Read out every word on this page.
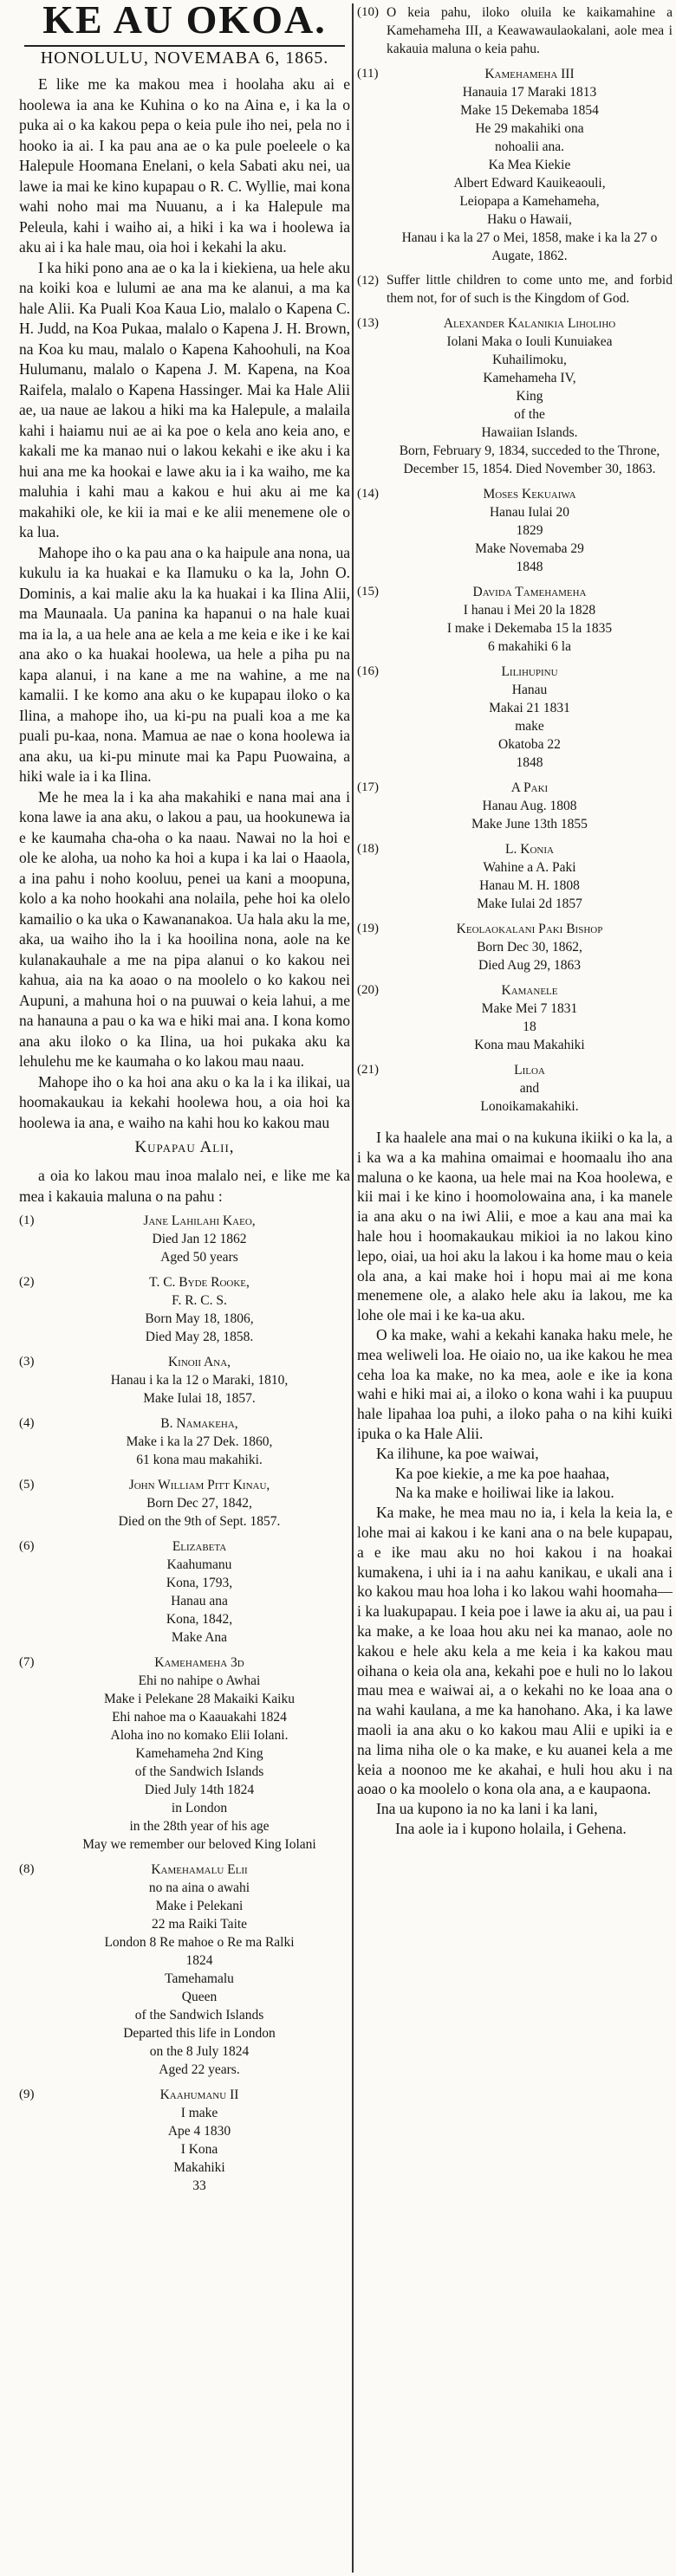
KE AU OKOA.
HONOLULU, NOVEMABA 6, 1865.

E like me ka makou mea i hoolaha aku ai e hoolewa ia ana ke Kuhina o ko na Aina e, i ka la o puka ai o ka kakou pepa o keia pule iho nei, pela no i hooko ia ai. I ka pau ana ae o ka pule poeleele o ka Halepule Hoomana Enelani, o kela Sabati aku nei, ua lawe ia mai ke kino kupapau o R. C. Wyllie, mai kona wahi noho mai ma Nuuanu, a i ka Halepule ma Peleula, kahi i waiho ai, a hiki i ka wa i hoolewa ia aku ai i ka hale mau, oia hoi i kekahi la aku.

I ka hiki pono ana ae o ka la i kiekiena, ua hele aku na koiki koa e lulumi ae ana ma ke alanui, a ma ka hale Alii. Ka Puali Koa Kaua Lio, malalo o Kapena C. H. Judd, na Koa Pukaa, malalo o Kapena J. H. Brown, na Koa ku mau, malalo o Kapena Kahoohuli, na Koa Hulumanu, malalo o Kapena J. M. Kapena, na Koa Raifela, malalo o Kapena Hassinger. Mai ka Hale Alii ae, ua naue ae lakou a hiki ma ka Halepule, a malaila kahi i haiamu nui ae ai ka poe o kela ano keia ano, e kakali me ka manao nui o lakou kekahi e ike aku i ka hui ana me ka hookai e lawe aku ia i ka waiho, me ka maluhia i kahi mau a kakou e hui aku ai me ka makahiki ole, ke kii ia mai e ke alii menemene ole o ka lua.

Mahope iho o ka pau ana o ka haipule ana nona, ua kukulu ia ka huakai e ka Ilamuku o ka la, John O. Dominis, a kai malie aku la ka huakai i ka Ilina Alii, ma Maunaala. Ua panina ka hapanui o na hale kuai ma ia la, a ua hele ana ae kela a me keia e ike i ke kai ana ako o ka huakai hoolewa, ua hele a piha pu na kapa alanui, i na kane a me na wahine, a me na kamalii. I ke komo ana aku o ke kupapau iloko o ka Ilina, a mahope iho, ua ki-pu na puali koa a me ka puali pu-kaa, nona. Mamua ae nae o kona hoolewa ia ana aku, ua ki-pu minute mai ka Papu Puowaina, a hiki wale ia i ka Ilina.

Me he mea la i ka aha makahiki e nana mai ana i kona lawe ia ana aku, o lakou a pau, ua hookunewa ia e ke kaumaha cha-oha o ka naau. Nawai no la hoi e ole ke aloha, ua noho ka hoi a kupa i ka lai o Haaola, a ina pahu i noho kooluu, penei ua kani a moopuna, kolo a ka noho hookahi ana nolaila, pehe hoi ka olelo kamailio o ka uka o Kawananakoa. Ua hala aku la me, aka, ua waiho iho la i ka hooilina nona, aole na ke kulanakauhale a me na pipa alanui o ko kakou nei kahua, aia na ka aoao o na moolelo o ko kakou nei Aupuni, a mahuna hoi o na puuwai o keia lahui, a me na hanauna a pau o ka wa e hiki mai ana. I kona komo ana aku iloko o ka Ilina, ua hoi pukaka aku ka lehulehu me ke kaumaha o ko lakou mau naau.

Mahope iho o ka hoi ana aku o ka la i ka ilikai, ua hoomakaukau ia kekahi hoolewa hou, a oia hoi ka hoolewa ia ana, e waiho na kahi hou ko kakou mau

Kupapau Alii,

a oia ko lakou mau inoa malalo nei, e like me ka mea i kakauia maluna o na pahu :

(1)	Jane Lahilahi Kaeo,
Died Jan 12 1862
Aged 50 years
(2)	T. C. Byde Rooke,
F. R. C. S.
Born May 18, 1806,
Died May 28, 1858.
(3)	Kinoii Ana,
Hanau i ka la 12 o Maraki, 1810,
Make Iulai 18, 1857.
(4)	B. Namakeha,
Make i ka la 27 Dek. 1860,
61 kona mau makahiki.
(5)	John William Pitt Kinau,
Born Dec 27, 1842,
Died on the 9th of Sept. 1857.
(6)	Elizabeta
Kaahumanu
Kona, 1793,
Hanau ana
Kona, 1842,
Make Ana
(7)	Kamehameha 3d
Ehi no nahipe o Awhai
Make i Pelekane 28 Makaiki Kaiku
Ehi nahoe ma o Kaauakahi 1824
Aloha ino no komako Elii Iolani.
Kamehameha 2nd King
of the Sandwich Islands
Died July 14th 1824
in London
in the 28th year of his age
May we remember our beloved King Iolani
(8)	Kamehamalu Elii
no na aina o awahi
Make i Pelekani
22 ma Raiki Taite
London 8 Re mahoe o Re ma Ralki
1824
Tamehamalu
Queen
of the Sandwich Islands
Departed this life in London
on the 8 July 1824
Aged 22 years.
(9)	Kaahumanu II
I make
Ape 4 1830
I Kona
Makahiki
33
(10) O keia pahu, iloko oluila ke kaikamahine a Kamehameha III, a Keawawaulaokalani, aole mea i kakauia maluna o keia pahu.
(11)	Kamehameha III
Hanauia 17 Maraki 1813
Make 15 Dekemaba 1854
He 29 makahiki ona
nohoalii ana.
Ka Mea Kiekie
Albert Edward Kauikeaouli,
Leiopapa a Kamehameha,
Haku o Hawaii,
Hanau i ka la 27 o Mei, 1858, make i ka la 27 o
Augate, 1862.
(12) Suffer little children to come unto me, and forbid them not, for of such is the Kingdom of God.

(13)	Alexander Kalanikia Liholiho
Iolani Maka o Iouli Kunuiakea
Kuhailimoku,
Kamehameha IV,
King
of the
Hawaiian Islands.
Born, February 9, 1834, succeded to the Throne,
December 15, 1854. Died November 30, 1863.
(14)	Moses Kekuaiwa
Hanau Iulai 20
1829
Make Novemaba 29
1848
(15)	Davida Tamehameha
I hanau i Mei 20 la 1828
I make i Dekemaba 15 la 1835
6 makahiki 6 la
(16)	Lilihupinu
Hanau
Makai 21 1831
make
Okatoba 22
1848
(17)	A Paki
Hanau Aug. 1808
Make June 13th 1855
(18)	L. Konia
Wahine a A. Paki
Hanau M. H. 1808
Make Iulai 2d 1857
(19)	Keolaokalani Paki Bishop
Born Dec 30, 1862,
Died Aug 29, 1863
(20)	Kamanele
Make Mei 7 1831
18
Kona mau Makahiki
(21)	Liloa
and
Lonoikamakahiki.

I ka haalele ana mai o na kukuna ikiiki o ka la, a i ka wa a ka mahina omaimai e hoomaalu iho ana maluna o ke kaona, ua hele mai na Koa hoolewa, e kii mai i ke kino i hoomolowaina ana, i ka manele ia ana aku o na iwi Alii, e moe a kau ana mai ka hale hou i hoomakaukau mikioi ia no lakou kino lepo, oiai, ua hoi aku la lakou i ka home mau o keia ola ana, a kai make hoi i hopu mai ai me kona menemene ole, a alako hele aku ia lakou, me ka lohe ole mai i ke ka-ua aku.

O ka make, wahi a kekahi kanaka haku mele, he mea weliweli loa. He oiaio no, ua ike kakou he mea ceha loa ka make, no ka mea, aole e ike ia kona wahi e hiki mai ai, a iloko o kona wahi i ka puupuu hale lipahaa loa puhi, a iloko paha o na kihi kuiki ipuka o ka Hale Alii.

Ka ilihune, ka poe waiwai,

Ka poe kiekie, a me ka poe haahaa,

Na ka make e hoiliwai like ia lakou.

Ka make, he mea mau no ia, i kela la keia la, e lohe mai ai kakou i ke kani ana o na bele kupapau, a e ike mau aku no hoi kakou i na hoakai kumakena, i uhi ia i na aahu kanikau, e ukali ana i ko kakou mau hoa loha i ko lakou wahi hoomaha—i ka luakupapau. I keia poe i lawe ia aku ai, ua pau i ka make, a ke loaa hou aku nei ka manao, aole no kakou e hele aku kela a me keia i ka kakou mau oihana o keia ola ana, kekahi poe e huli no lo lakou mau mea e waiwai ai, a o kekahi no ke loaa ana o na wahi kaulana, a me ka hanohano. Aka, i ka lawe maoli ia ana aku o ko kakou mau Alii e upiki ia e na lima niha ole o ka make, e ku auanei kela a me keia a noonoo me ke akahai, e huli hou aku i na aoao o ka moolelo o kona ola ana, a e kaupaona.

Ina ua kupono ia no ka lani i ka lani,

Ina aole ia i kupono holaila, i Gehena.
